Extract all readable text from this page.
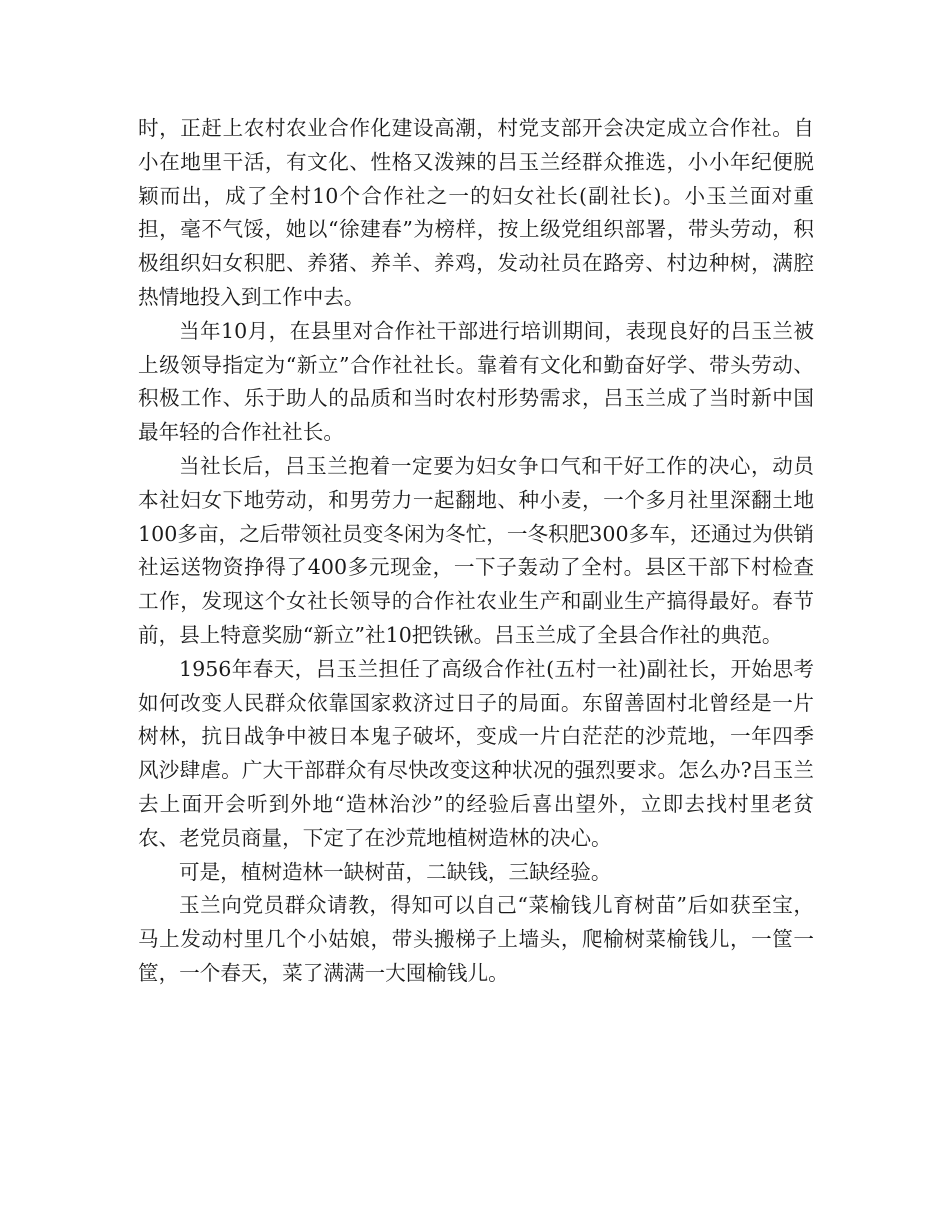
时，正赶上农村农业合作化建设高潮，村党支部开会决定成立合作社。自小在地里干活，有文化、性格又泼辣的吕玉兰经群众推选，小小年纪便脱颖而出，成了全村10个合作社之一的妇女社长(副社长)。小玉兰面对重担，毫不气馁，她以“徐建春”为榜样，按上级党组织部署，带头劳动，积极组织妇女积肥、养猪、养羊、养鸡，发动社员在路旁、村边种树，满腔热情地投入到工作中去。

当年10月，在县里对合作社干部进行培训期间，表现良好的吕玉兰被上级领导指定为“新立”合作社社长。靠着有文化和勤奋好学、带头劳动、积极工作、乐于助人的品质和当时农村形势需求，吕玉兰成了当时新中国最年轻的合作社社长。

当社长后，吕玉兰抱着一定要为妇女争口气和干好工作的决心，动员本社妇女下地劳动，和男劳力一起翻地、种小麦，一个多月社里深翻土地100多亩，之后带领社员变冬闲为冬忙，一冬积肥300多车，还通过为供销社运送物资挣得了400多元现金，一下子轰动了全村。县区干部下村检查工作，发现这个女社长领导的合作社农业生产和副业生产搞得最好。春节前，县上特意奖励“新立”社10把铁锹。吕玉兰成了全县合作社的典范。

1956年春天，吕玉兰担任了高级合作社(五村一社)副社长，开始思考如何改变人民群众依靠国家救济过日子的局面。东留善固村北曾经是一片树林，抗日战争中被日本鬼子破坏，变成一片白茫茫的沙荒地，一年四季风沙肆虐。广大干部群众有尽快改变这种状况的强烈要求。怎么办?吕玉兰去上面开会听到外地“造林治沙”的经验后喜出望外，立即去找村里老贫农、老党员商量，下定了在沙荒地植树造林的决心。

可是，植树造林一缺树苗，二缺钱，三缺经验。

玉兰向党员群众请教，得知可以自己“菜榆钱儿育树苗”后如获至宝，马上发动村里几个小姑娘，带头搬梯子上墙头，爬榆树菜榆钱儿，一筐一筐，一个春天，菜了满满一大囤榆钱儿。
